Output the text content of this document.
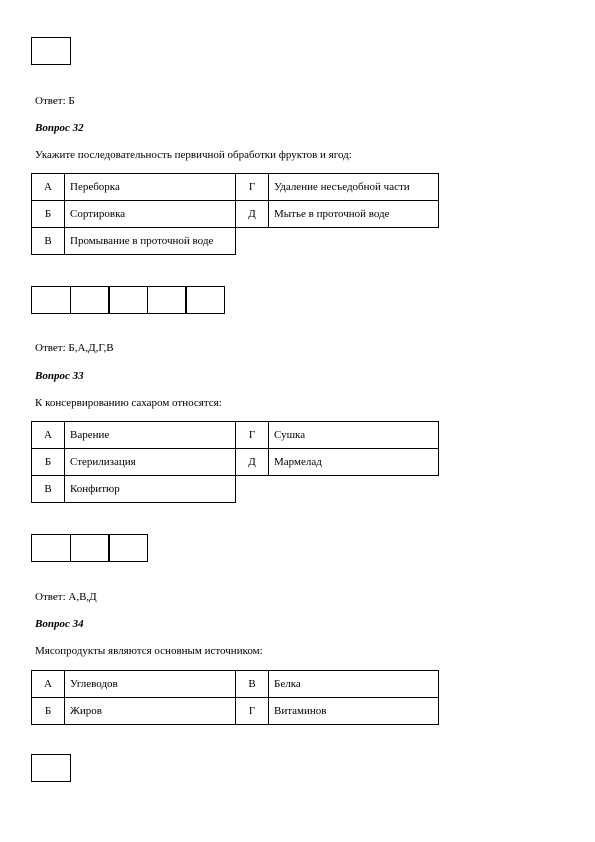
Ответ: Б
Вопрос 32
Укажите последовательность первичной обработки фруктов и ягод:
А	Переборка	Г	Удаление несъедобной части
Б	Сортировка	Д	Мытье в проточной воде
В	Промывание в проточной воде		
Ответ: Б,А,Д,Г,В
Вопрос 33
К консервированию сахаром относятся:
А	Варение	Г	Сушка
Б	Стерилизация	Д	Мармелад
В	Конфитюр		
Ответ: А,В,Д
Вопрос 34
Мясопродукты являются основным источником:
А	Углеводов	В	Белка
Б	Жиров	Г	Витаминов
